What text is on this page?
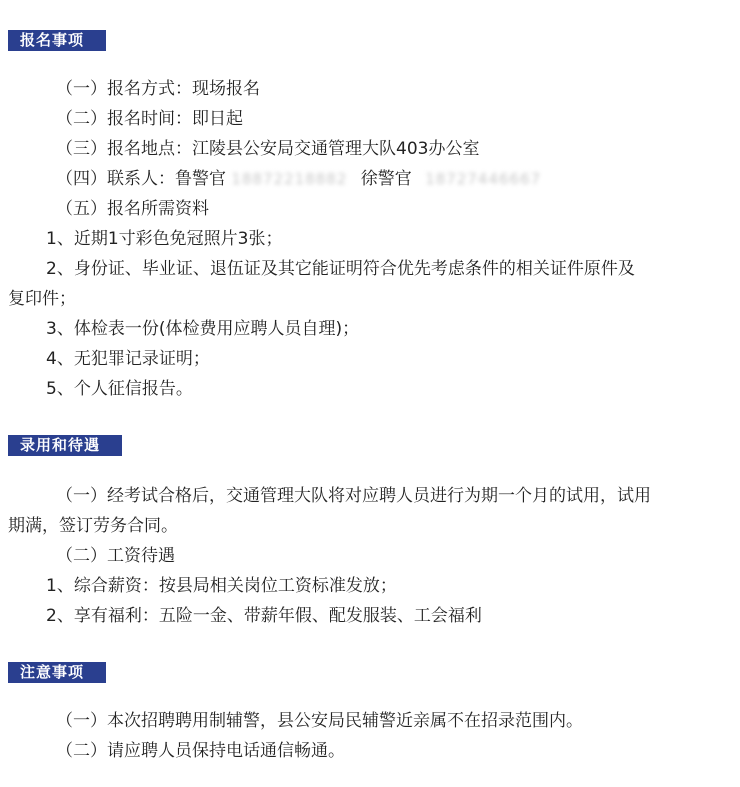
报名事项
（一）报名方式：现场报名
（二）报名时间：即日起
（三）报名地点：江陵县公安局交通管理大队403办公室
（四）联系人：鲁警官 18872218882 徐警官 18727446667
（五）报名所需资料
1、近期1寸彩色免冠照片3张；
2、身份证、毕业证、退伍证及其它能证明符合优先考虑条件的相关证件原件及
复印件；
3、体检表一份(体检费用应聘人员自理)；
4、无犯罪记录证明；
5、个人征信报告。
录用和待遇
（一）经考试合格后，交通管理大队将对应聘人员进行为期一个月的试用，试用
期满，签订劳务合同。
（二）工资待遇
1、综合薪资：按县局相关岗位工资标准发放；
2、享有福利：五险一金、带薪年假、配发服装、工会福利
注意事项
（一）本次招聘聘用制辅警，县公安局民辅警近亲属不在招录范围内。
（二）请应聘人员保持电话通信畅通。
